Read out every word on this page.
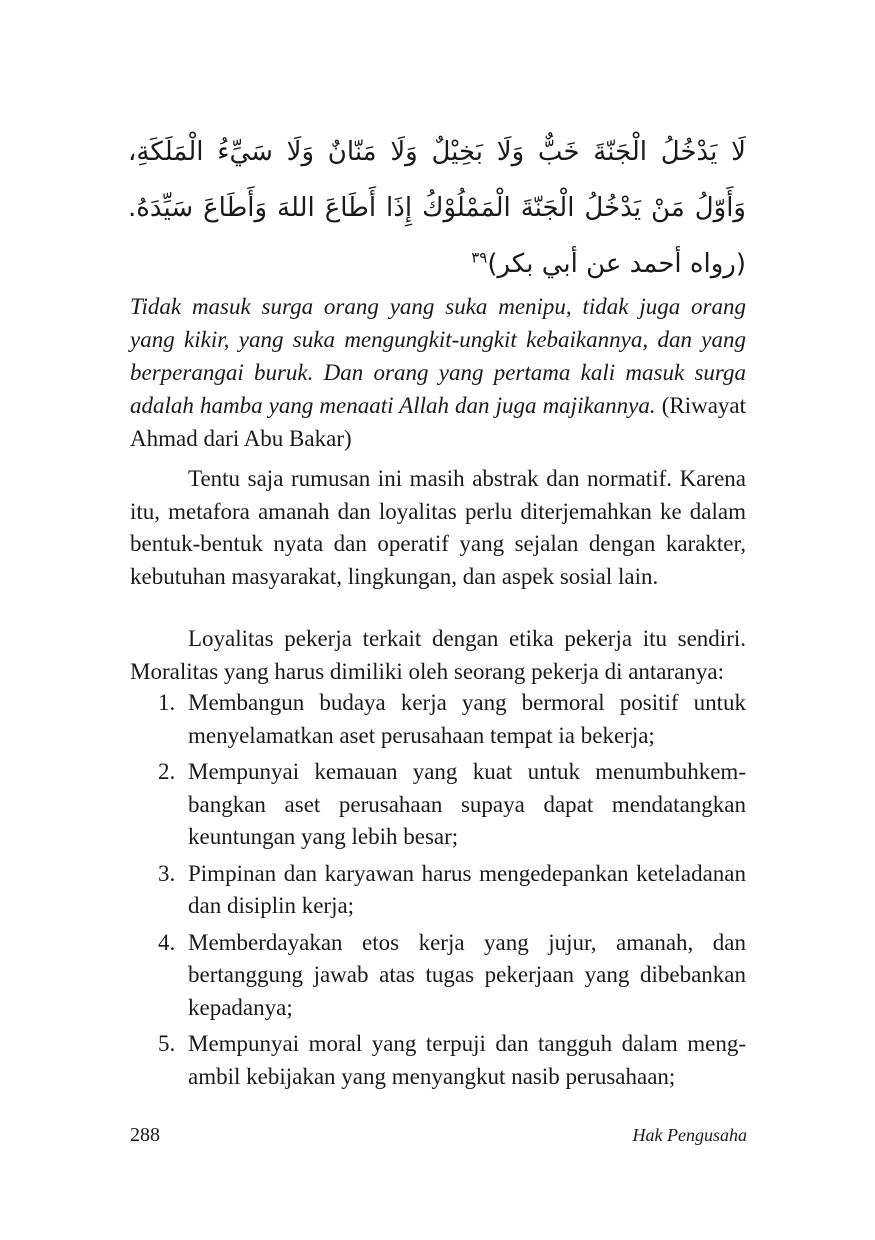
لَا يَدْخُلُ الْجَنّةَ خَبٌّ وَلَا بَخِيْلٌ وَلَا مَنّانٌ وَلَا سَيِّءُ الْمَلَكَةِ، وَأَوّلُ مَنْ يَدْخُلُ الْجَنّةَ الْمَمْلُوْكُ إِذَا أَطَاعَ اللهَ وَأَطَاعَ سَيِّدَهُ. (رواه أحمد عن أبي بكر)$^{٣٩}$

Tidak masuk surga orang yang suka menipu, tidak juga orang yang kikir, yang suka mengungkit-ungkit kebaikannya, dan yang berperangai buruk. Dan orang yang pertama kali masuk surga adalah hamba yang menaati Allah dan juga majikannya. (Riwayat Ahmad dari Abu Bakar)

Tentu saja rumusan ini masih abstrak dan normatif. Karena itu, metafora amanah dan loyalitas perlu diterjemahkan ke dalam bentuk-bentuk nyata dan operatif yang sejalan dengan karakter, kebutuhan masyarakat, lingkungan, dan aspek sosial lain.

Loyalitas pekerja terkait dengan etika pekerja itu sendiri. Moralitas yang harus dimiliki oleh seorang pekerja di antaranya:

1. Membangun budaya kerja yang bermoral positif untuk menyelamatkan aset perusahaan tempat ia bekerja;
2. Mempunyai kemauan yang kuat untuk menumbuhkembangkan aset perusahaan supaya dapat mendatangkan keuntungan yang lebih besar;
3. Pimpinan dan karyawan harus mengedepankan keteladanan dan disiplin kerja;
4. Memberdayakan etos kerja yang jujur, amanah, dan bertanggung jawab atas tugas pekerjaan yang dibebankan kepadanya;
5. Mempunyai moral yang terpuji dan tangguh dalam mengambil kebijakan yang menyangkut nasib perusahaan;
288	Hak Pengusaha
